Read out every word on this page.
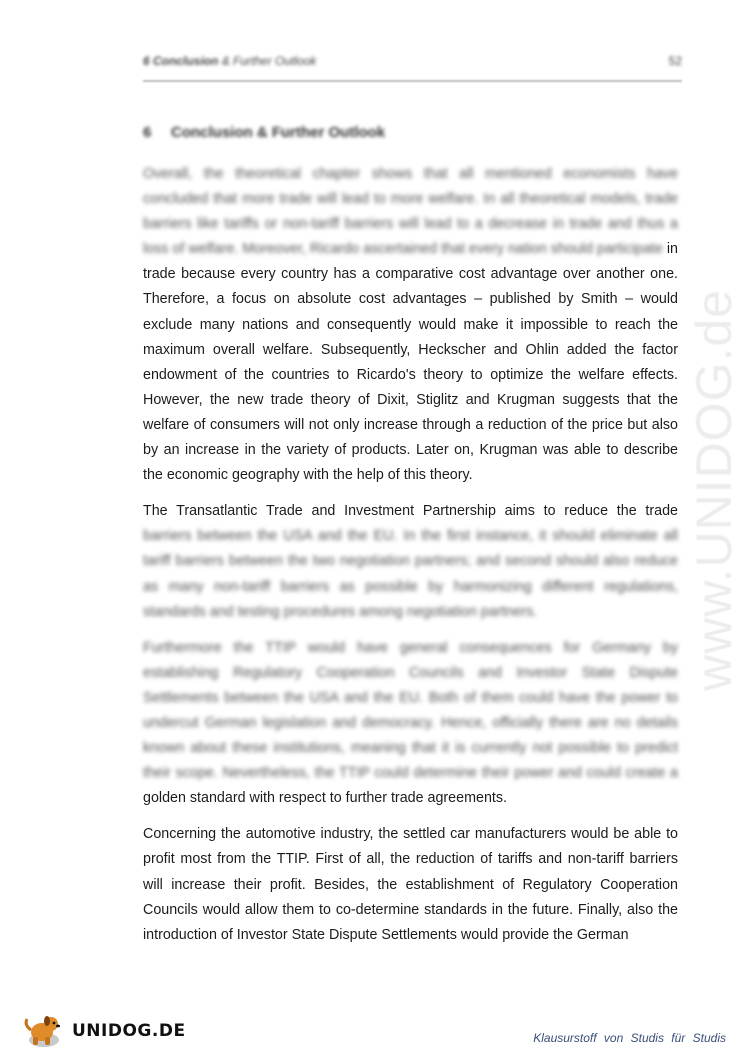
6 Conclusion & Further Outlook	52
6 Conclusion & Further Outlook

Overall, the theoretical chapter shows that all mentioned economists have concluded that more trade will lead to more welfare. In all theoretical models, trade barriers like tariffs or non-tariff barriers will lead to a decrease in trade and thus a loss of welfare. Moreover, Ricardo ascertained that every nation should participate in trade because every country has a comparative cost advantage over another one. Therefore, a focus on absolute cost advantages – published by Smith – would exclude many nations and consequently would make it impossible to reach the maximum overall welfare. Subsequently, Heckscher and Ohlin added the factor endowment of the countries to Ricardo's theory to optimize the welfare effects. However, the new trade theory of Dixit, Stiglitz and Krugman suggests that the welfare of consumers will not only increase through a reduction of the price but also by an increase in the variety of products. Later on, Krugman was able to describe the economic geography with the help of this theory.

The Transatlantic Trade and Investment Partnership aims to reduce the trade barriers between the USA and the EU. In the first instance, it should eliminate all tariff barriers between the two negotiation partners; and second should also reduce as many non-tariff barriers as possible by harmonizing different regulations, standards and testing procedures among negotiation partners.

Furthermore the TTIP would have general consequences for Germany by establishing Regulatory Cooperation Councils and Investor State Dispute Settlements between the USA and the EU. Both of them could have the power to undercut German legislation and democracy. Hence, officially there are no details known about these institutions, meaning that it is currently not possible to predict their scope. Nevertheless, the TTIP could determine their power and could create a golden standard with respect to further trade agreements.

Concerning the automotive industry, the settled car manufacturers would be able to profit most from the TTIP. First of all, the reduction of tariffs and non-tariff barriers will increase their profit. Besides, the establishment of Regulatory Cooperation Councils would allow them to co-determine standards in the future. Finally, also the introduction of Investor State Dispute Settlements would provide the German

www.UNIDOG.de
UNIDOG.DE	Klausurstoff von Studis für Studis
